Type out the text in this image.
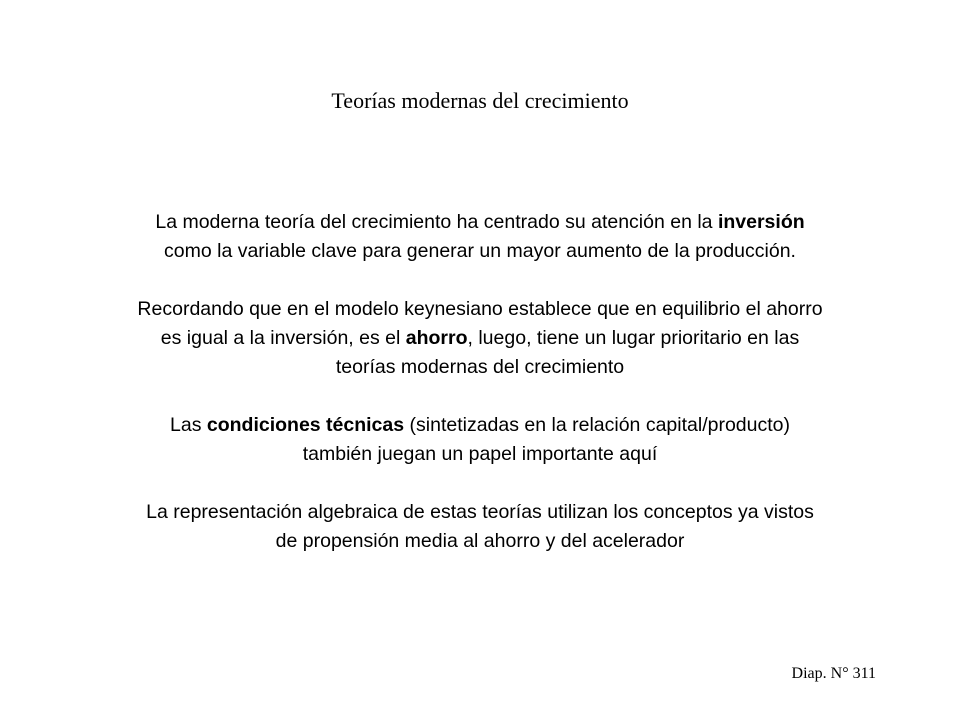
Teorías modernas del crecimiento

La moderna teoría del crecimiento ha centrado su atención en la inversión
como la variable clave para generar un mayor aumento de la producción.

Recordando que en el modelo keynesiano establece que en equilibrio el ahorro
es igual a la inversión, es el ahorro, luego, tiene un lugar prioritario en las
teorías modernas del crecimiento

Las condiciones técnicas (sintetizadas en la relación capital/producto)
también juegan un papel importante aquí

La representación algebraica de estas teorías utilizan los conceptos ya vistos
de propensión media al ahorro y del acelerador

Diap. N° 311
